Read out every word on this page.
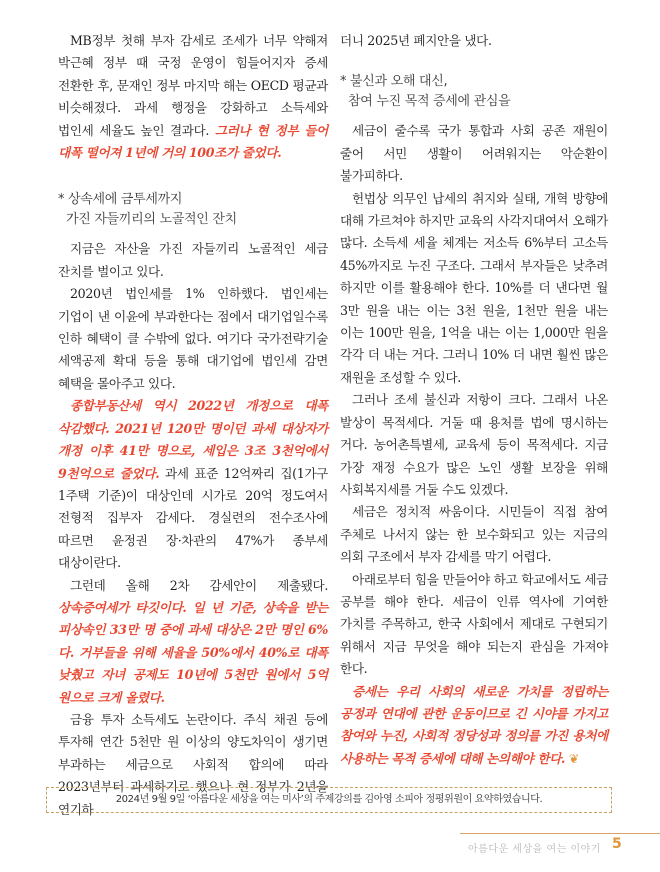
MB정부 첫해 부자 감세로 조세가 너무 약해져 박근혜 정부 때 국정 운영이 힘들어지자 증세 전환한 후, 문재인 정부 마지막 해는 OECD 평균과 비슷해졌다. 과세 행정을 강화하고 소득세와 법인세 세율도 높인 결과다. 그러나 현 정부 들어 대폭 떨어져 1년에 거의 100조가 줄었다.

* 상속세에 금투세까지
가진 자들끼리의 노골적인 잔치

지금은 자산을 가진 자들끼리 노골적인 세금 잔치를 벌이고 있다.

2020년 법인세를 1% 인하했다. 법인세는 기업이 낸 이윤에 부과한다는 점에서 대기업일수록 인하 혜택이 클 수밖에 없다. 여기다 국가전략기술 세액공제 확대 등을 통해 대기업에 법인세 감면 혜택을 몰아주고 있다.

종합부동산세 역시 2022년 개정으로 대폭 삭감했다. 2021년 120만 명이던 과세 대상자가 개정 이후 41만 명으로, 세입은 3조 3천억에서 9천억으로 줄었다. 과세 표준 12억짜리 집(1가구 1주택 기준)이 대상인데 시가로 20억 정도여서 전형적 집부자 감세다. 경실련의 전수조사에 따르면 윤정권 장·차관의 47%가 종부세 대상이란다.

그런데 올해 2차 감세안이 제출됐다. 상속증여세가 타깃이다. 일 년 기준, 상속을 받는 피상속인 33만 명 중에 과세 대상은 2만 명인 6%다. 거부들을 위해 세율을 50%에서 40%로 대폭 낮췄고 자녀 공제도 10년에 5천만 원에서 5억 원으로 크게 올렸다.

금융 투자 소득세도 논란이다. 주식 채권 등에 투자해 연간 5천만 원 이상의 양도차익이 생기면 부과하는 세금으로 사회적 합의에 따라 2023년부터 과세하기로 했으나 현 정부가 2년을 연기하

더니 2025년 폐지안을 냈다.

* 불신과 오해 대신,
참여 누진 목적 증세에 관심을

세금이 줄수록 국가 통합과 사회 공존 재원이 줄어 서민 생활이 어려워지는 악순환이 불가피하다.

헌법상 의무인 납세의 취지와 실태, 개혁 방향에 대해 가르쳐야 하지만 교육의 사각지대여서 오해가 많다. 소득세 세율 체계는 저소득 6%부터 고소득 45%까지로 누진 구조다. 그래서 부자들은 낮추려 하지만 이를 활용해야 한다. 10%를 더 낸다면 월 3만 원을 내는 이는 3천 원을, 1천만 원을 내는 이는 100만 원을, 1억을 내는 이는 1,000만 원을 각각 더 내는 거다. 그러니 10% 더 내면 훨씬 많은 재원을 조성할 수 있다.

그러나 조세 불신과 저항이 크다. 그래서 나온 발상이 목적세다. 거둘 때 용처를 법에 명시하는 거다. 농어촌특별세, 교육세 등이 목적세다. 지금 가장 재정 수요가 많은 노인 생활 보장을 위해 사회복지세를 거둘 수도 있겠다.

세금은 정치적 싸움이다. 시민들이 직접 참여 주체로 나서지 않는 한 보수화되고 있는 지금의 의회 구조에서 부자 감세를 막기 어렵다.

아래로부터 힘을 만들어야 하고 학교에서도 세금 공부를 해야 한다. 세금이 인류 역사에 기여한 가치를 주목하고, 한국 사회에서 제대로 구현되기 위해서 지금 무엇을 해야 되는지 관심을 가져야 한다.

증세는 우리 사회의 새로운 가치를 정립하는 공정과 연대에 관한 운동이므로 긴 시야를 가지고 참여와 누진, 사회적 정당성과 정의를 가진 용처에 사용하는 목적 증세에 대해 논의해야 한다. ❦

2024년 9월 9일 ‘아름다운 세상을 여는 미사’의 주제강의를 김아영 소피아 정평위원이 요약하였습니다.
아름다운 세상을 여는 이야기 5
